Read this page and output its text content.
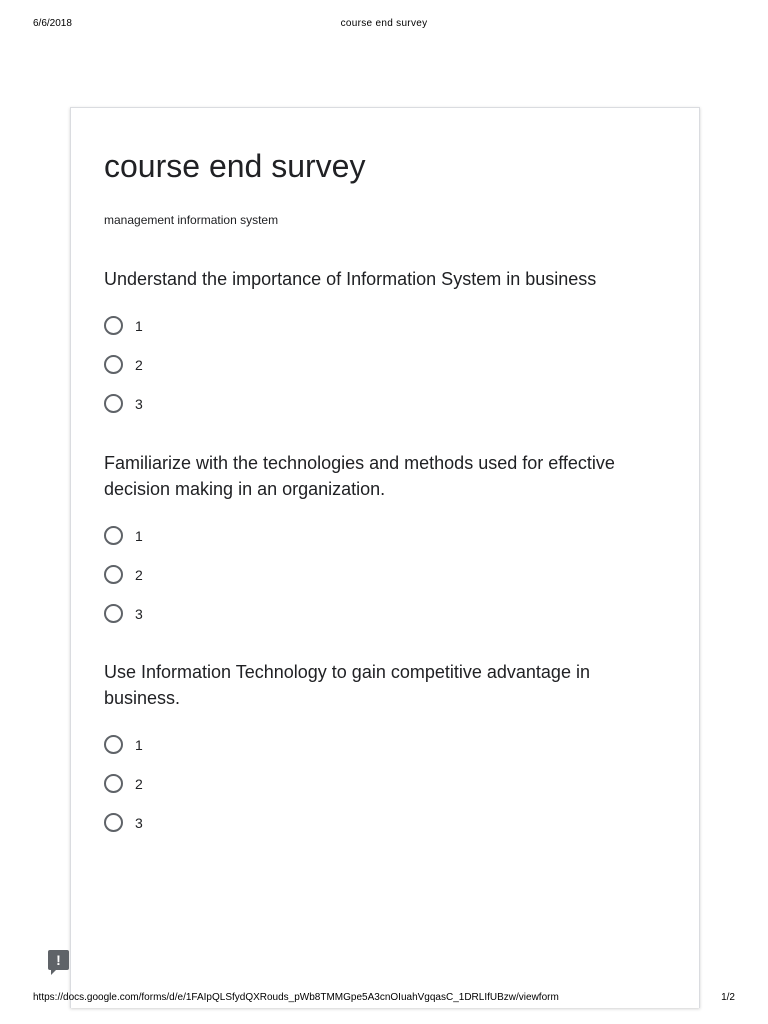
6/6/2018	course end survey
course end survey
management information system

Understand the importance of Information System in business

1
2
3

Familiarize with the technologies and methods used for effective decision making in an organization.

1
2
3

Use Information Technology to gain competitive advantage in business.

1
2
3
!
https://docs.google.com/forms/d/e/1FAIpQLSfydQXRouds_pWb8TMMGpe5A3cnOIuahVgqasC_1DRLIfUBzw/viewform	1/2
